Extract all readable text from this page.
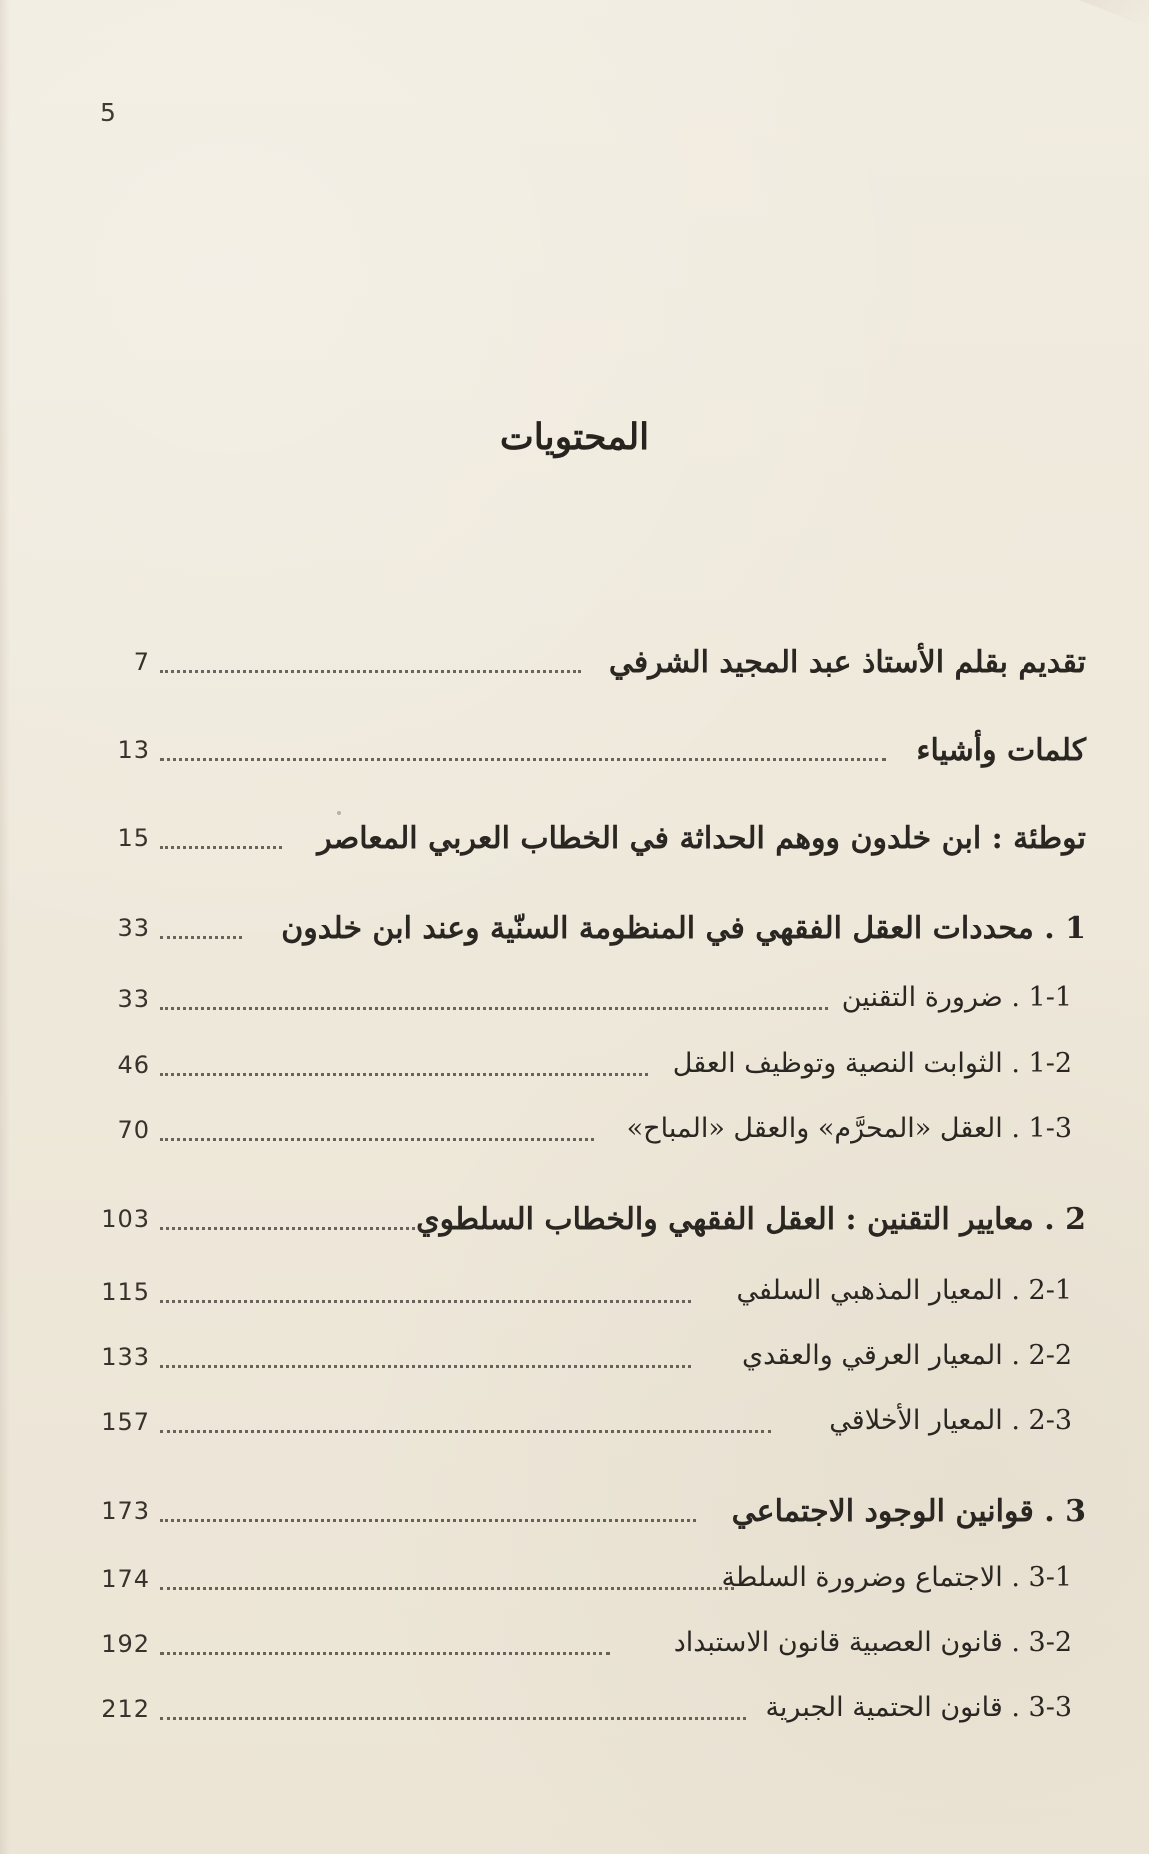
5
المحتويات
تقديم بقلم الأستاذ عبد المجيد الشرفي
7
كلمات وأشياء
13
توطئة : ابن خلدون ووهم الحداثة في الخطاب العربي المعاصر
15
1 . محددات العقل الفقهي في المنظومة السنّية وعند ابن خلدون
33
1-1 . ضرورة التقنين
33
1-2 . الثوابت النصية وتوظيف العقل
46
1-3 . العقل «المحرَّم» والعقل «المباح»
70
2 . معايير التقنين : العقل الفقهي والخطاب السلطوي
103
2-1 . المعيار المذهبي السلفي
115
2-2 . المعيار العرقي والعقدي
133
2-3 . المعيار الأخلاقي
157
3 . قوانين الوجود الاجتماعي
173
3-1 . الاجتماع وضرورة السلطة
174
3-2 . قانون العصبية قانون الاستبداد
192
3-3 . قانون الحتمية الجبرية
212
